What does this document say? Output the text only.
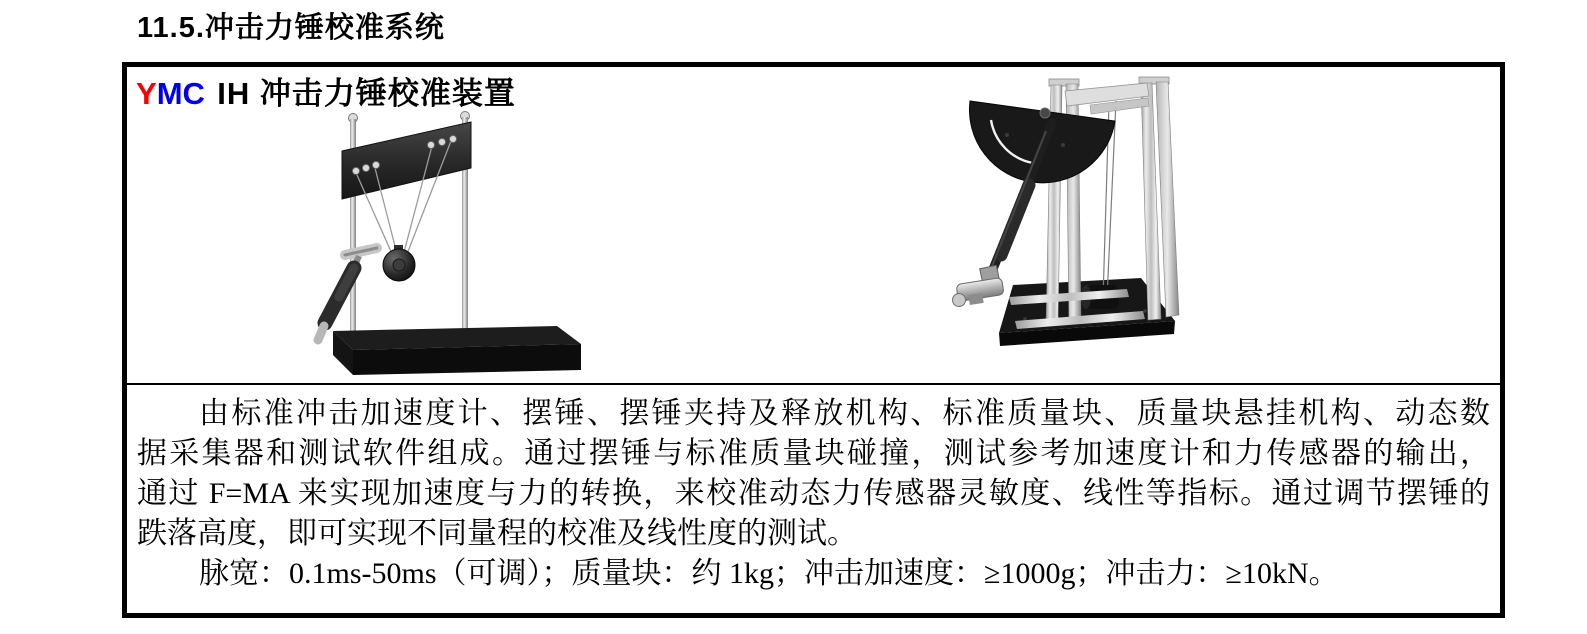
11.5.冲击力锤校准系统
YMC IH 冲击力锤校准装置
由标准冲击加速度计、摆锤、摆锤夹持及释放机构、标准质量块、质量块悬挂机构、动态数
据采集器和测试软件组成。通过摆锤与标准质量块碰撞，测试参考加速度计和力传感器的输出，
通过 F=MA 来实现加速度与力的转换，来校准动态力传感器灵敏度、线性等指标。通过调节摆锤的
跌落高度，即可实现不同量程的校准及线性度的测试。
脉宽：0.1ms-50ms（可调）；质量块：约 1kg；冲击加速度：≥1000g；冲击力：≥10kN。
